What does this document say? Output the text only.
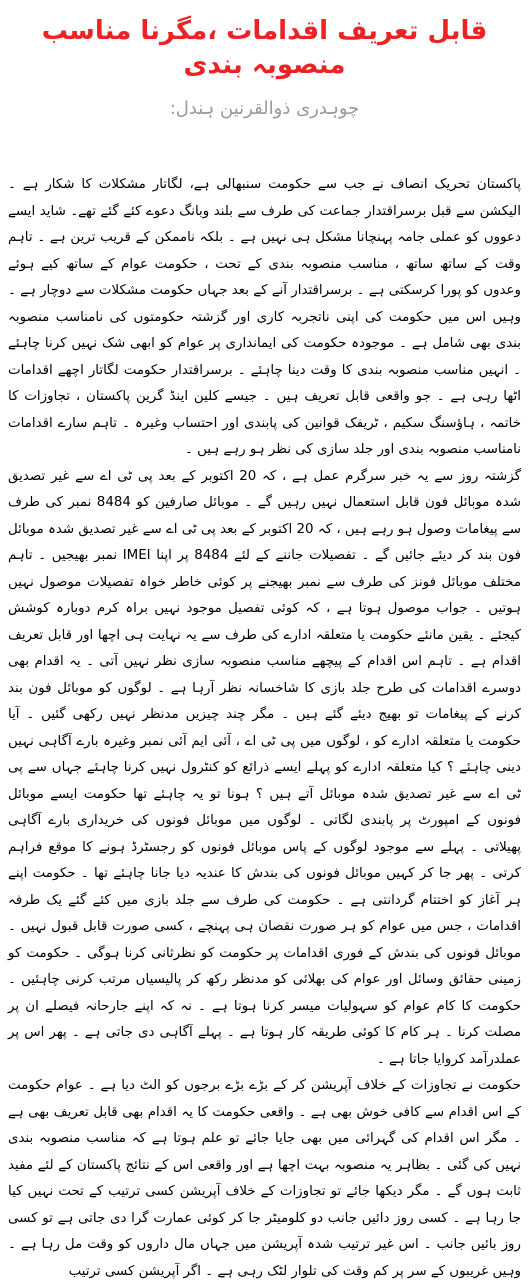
قابل تعریف اقدامات ،مگرنا مناسب منصوبہ بندی
چوہدری ذوالقرنین ہندل:

پاکستان تحریک انصاف نے جب سے حکومت سنبھالی ہے، لگاتار مشکلات کا شکار ہے ۔الیکشن سے قبل برسراقتدار جماعت کی طرف سے بلند وبانگ دعوے کئے گئے تھے۔ شاید ایسے دعووں کو عملی جامہ پہنچانا مشکل ہی نہیں ہے ۔ بلکہ ناممکن کے قریب ترین ہے ۔ تاہم وقت کے ساتھ ساتھ ، مناسب منصوبہ بندی کے تحت ، حکومت عوام کے ساتھ کیے ہوئے وعدوں کو پورا کرسکتی ہے ۔ برسراقتدار آنے کے بعد جہاں حکومت مشکلات سے دوچار ہے ۔ وہیں اس میں حکومت کی اپنی ناتجربہ کاری اور گزشتہ حکومتوں کی نامناسب منصوبہ بندی بھی شامل ہے ۔ موجودہ حکومت کی ایمانداری پر عوام کو ابھی شک نہیں کرنا چاہئے ۔ انہیں مناسب منصوبہ بندی کا وقت دینا چاہئے ۔ برسراقتدار حکومت لگاتار اچھے اقدامات اٹھا رہی ہے ۔ جو واقعی قابل تعریف ہیں ۔ جیسے کلین اینڈ گرین پاکستان ، تجاوزات کا خاتمہ ، ہاؤسنگ سکیم ، ٹریفک قوانین کی پابندی اور احتساب وغیرہ ۔ تاہم سارے اقدامات نامناسب منصوبہ بندی اور جلد سازی کی نظر ہو رہے ہیں ۔

گزشتہ روز سے یہ خبر سرگرم عمل ہے ، کہ 20 اکتوبر کے بعد پی ٹی اے سے غیر تصدیق شدہ موبائل فون قابل استعمال نہیں رہیں گے ۔ موبائل صارفین کو 8484 نمبر کی طرف سے پیغامات وصول ہو رہے ہیں ، کہ 20 اکتوبر کے بعد پی ٹی اے سے غیر تصدیق شدہ موبائل فون بند کر دیئے جائیں گے ۔ تفصیلات جاننے کے لئے 8484 پر اپنا IMEI نمبر بھیجیں ۔ تاہم مختلف موبائل فونز کی طرف سے نمبر بھیجنے پر کوئی خاطر خواہ تفصیلات موصول نہیں ہوتیں ۔ جواب موصول ہوتا ہے ، کہ کوئی تفصیل موجود نہیں براہ کرم دوبارہ کوشش کیجئے ۔ یقین مانئے حکومت یا متعلقہ ادارے کی طرف سے یہ نہایت ہی اچھا اور قابل تعریف اقدام ہے ۔ تاہم اس اقدام کے پیچھے مناسب منصوبہ سازی نظر نہیں آتی ۔ یہ اقدام بھی دوسرے اقدامات کی طرح جلد بازی کا شاخسانہ نظر آرہا ہے ۔ لوگوں کو موبائل فون بند کرنے کے پیغامات تو بھیج دیئے گئے ہیں ۔ مگر چند چیزیں مدنظر نہیں رکھی گئیں ۔ آیا حکومت یا متعلقہ ادارے کو ، لوگوں میں پی ٹی اے ، آئی ایم آئی نمبر وغیرہ بارے آگاہی نہیں دینی چاہئے ؟ کیا متعلقہ ادارے کو پہلے ایسے ذرائع کو کنٹرول نہیں کرنا چاہئے جہاں سے پی ٹی اے سے غیر تصدیق شدہ موبائل آتے ہیں ؟ ہونا تو یہ چاہئے تھا حکومت ایسے موبائل فونوں کے امپورٹ پر پابندی لگاتی ۔ لوگوں میں موبائل فونوں کی خریداری بارے آگاہی پھیلاتی ۔ پہلے سے موجود لوگوں کے پاس موبائل فونوں کو رجسٹرڈ ہونے کا موقع فراہم کرتی ۔ پھر جا کر کہیں موبائل فونوں کی بندش کا عندیہ دیا جانا چاہئے تھا ۔ حکومت اپنے ہر آغاز کو اختتام گردانتی ہے ۔ حکومت کی طرف سے جلد بازی میں کئے گئے یک طرفہ اقدامات ، جس میں عوام کو ہر صورت نقصان ہی پہنچے ، کسی صورت قابل قبول نہیں ۔ موبائل فونوں کی بندش کے فوری اقدامات پر حکومت کو نظرثانی کرنا ہوگی ۔ حکومت کو زمینی حقائق وسائل اور عوام کی بھلائی کو مدنظر رکھ کر پالیسیاں مرتب کرنی چاہئیں ۔ حکومت کا کام عوام کو سہولیات میسر کرنا ہوتا ہے ۔ نہ کہ اپنے جارحانہ فیصلے ان پر مصلت کرنا ۔ ہر کام کا کوئی طریقہ کار ہوتا ہے ۔ پہلے آگاہی دی جاتی ہے ۔ پھر اس پر عملدرآمد کروایا جاتا ہے ۔

حکومت نے تجاوزات کے خلاف آپریشن کر کے بڑے بڑے برجوں کو الٹ دیا ہے ۔ عوام حکومت کے اس اقدام سے کافی خوش بھی ہے ۔ واقعی حکومت کا یہ اقدام بھی قابل تعریف بھی ہے ۔ مگر اس اقدام کی گہرائی میں بھی جایا جائے تو علم ہوتا ہے کہ مناسب منصوبہ بندی نہیں کی گئی ۔ بظاہر یہ منصوبہ بہت اچھا ہے اور واقعی اس کے نتائج پاکستان کے لئے مفید ثابت ہوں گے ۔ مگر دیکھا جائے تو تجاوزات کے خلاف آپریشن کسی ترتیب کے تحت نہیں کیا جا رہا ہے ۔ کسی روز دائیں جانب دو کلومیٹر جا کر کوئی عمارت گرا دی جاتی ہے تو کسی روز بائیں جانب ۔ اس غیر ترتیب شدہ آپریشن میں جہاں مال داروں کو وقت مل رہا ہے ۔ وہیں غریبوں کے سر پر کم وقت کی تلوار لٹک رہی ہے ۔ اگر آپریشن کسی ترتیب
